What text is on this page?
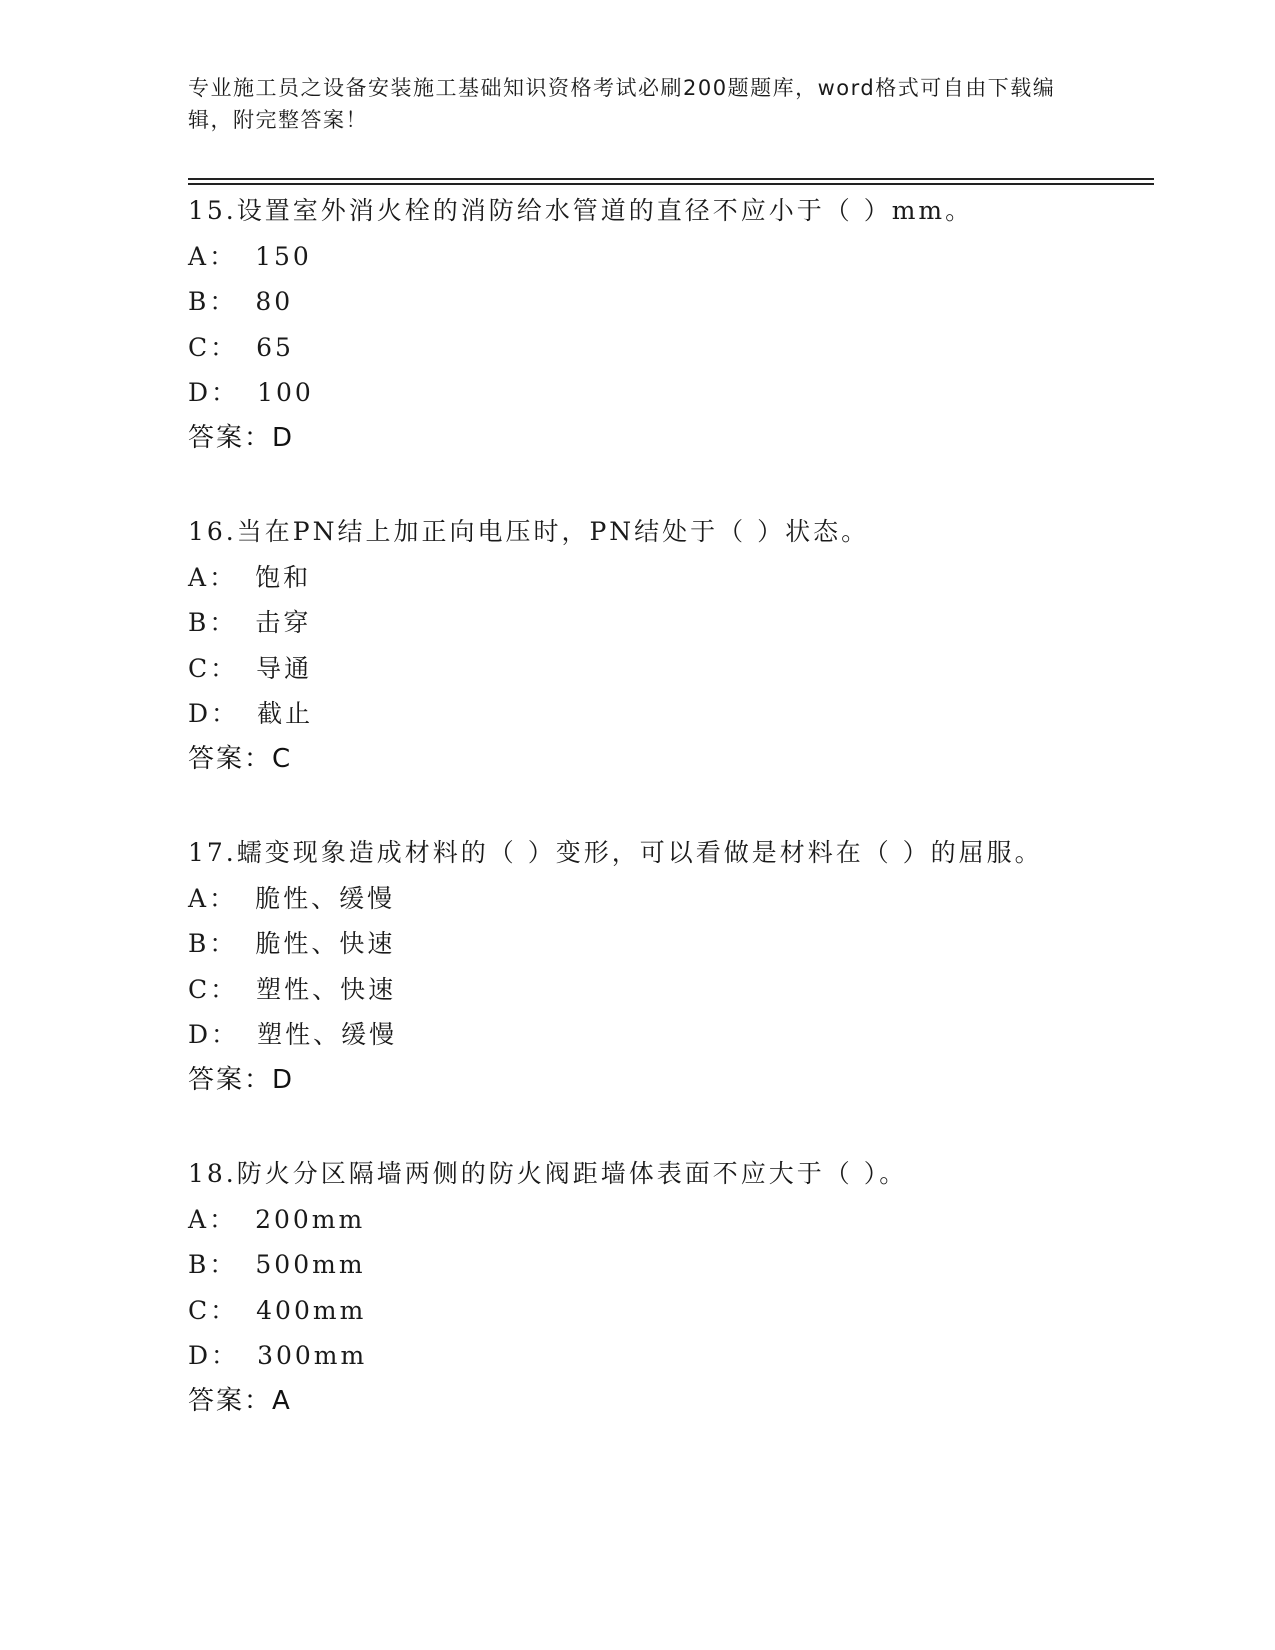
专业施工员之设备安装施工基础知识资格考试必刷200题题库，word格式可自由下载编辑，附完整答案！
15.设置室外消火栓的消防给水管道的直径不应小于（ ）mm。
A： 150
B： 80
C： 65
D： 100
答案：D
16.当在PN结上加正向电压时，PN结处于（ ）状态。
A： 饱和
B： 击穿
C： 导通
D： 截止
答案：C
17.蠕变现象造成材料的（ ）变形，可以看做是材料在（ ）的屈服。
A： 脆性、缓慢
B： 脆性、快速
C： 塑性、快速
D： 塑性、缓慢
答案：D
18.防火分区隔墙两侧的防火阀距墙体表面不应大于（ ）。
A： 200mm
B： 500mm
C： 400mm
D： 300mm
答案：A
